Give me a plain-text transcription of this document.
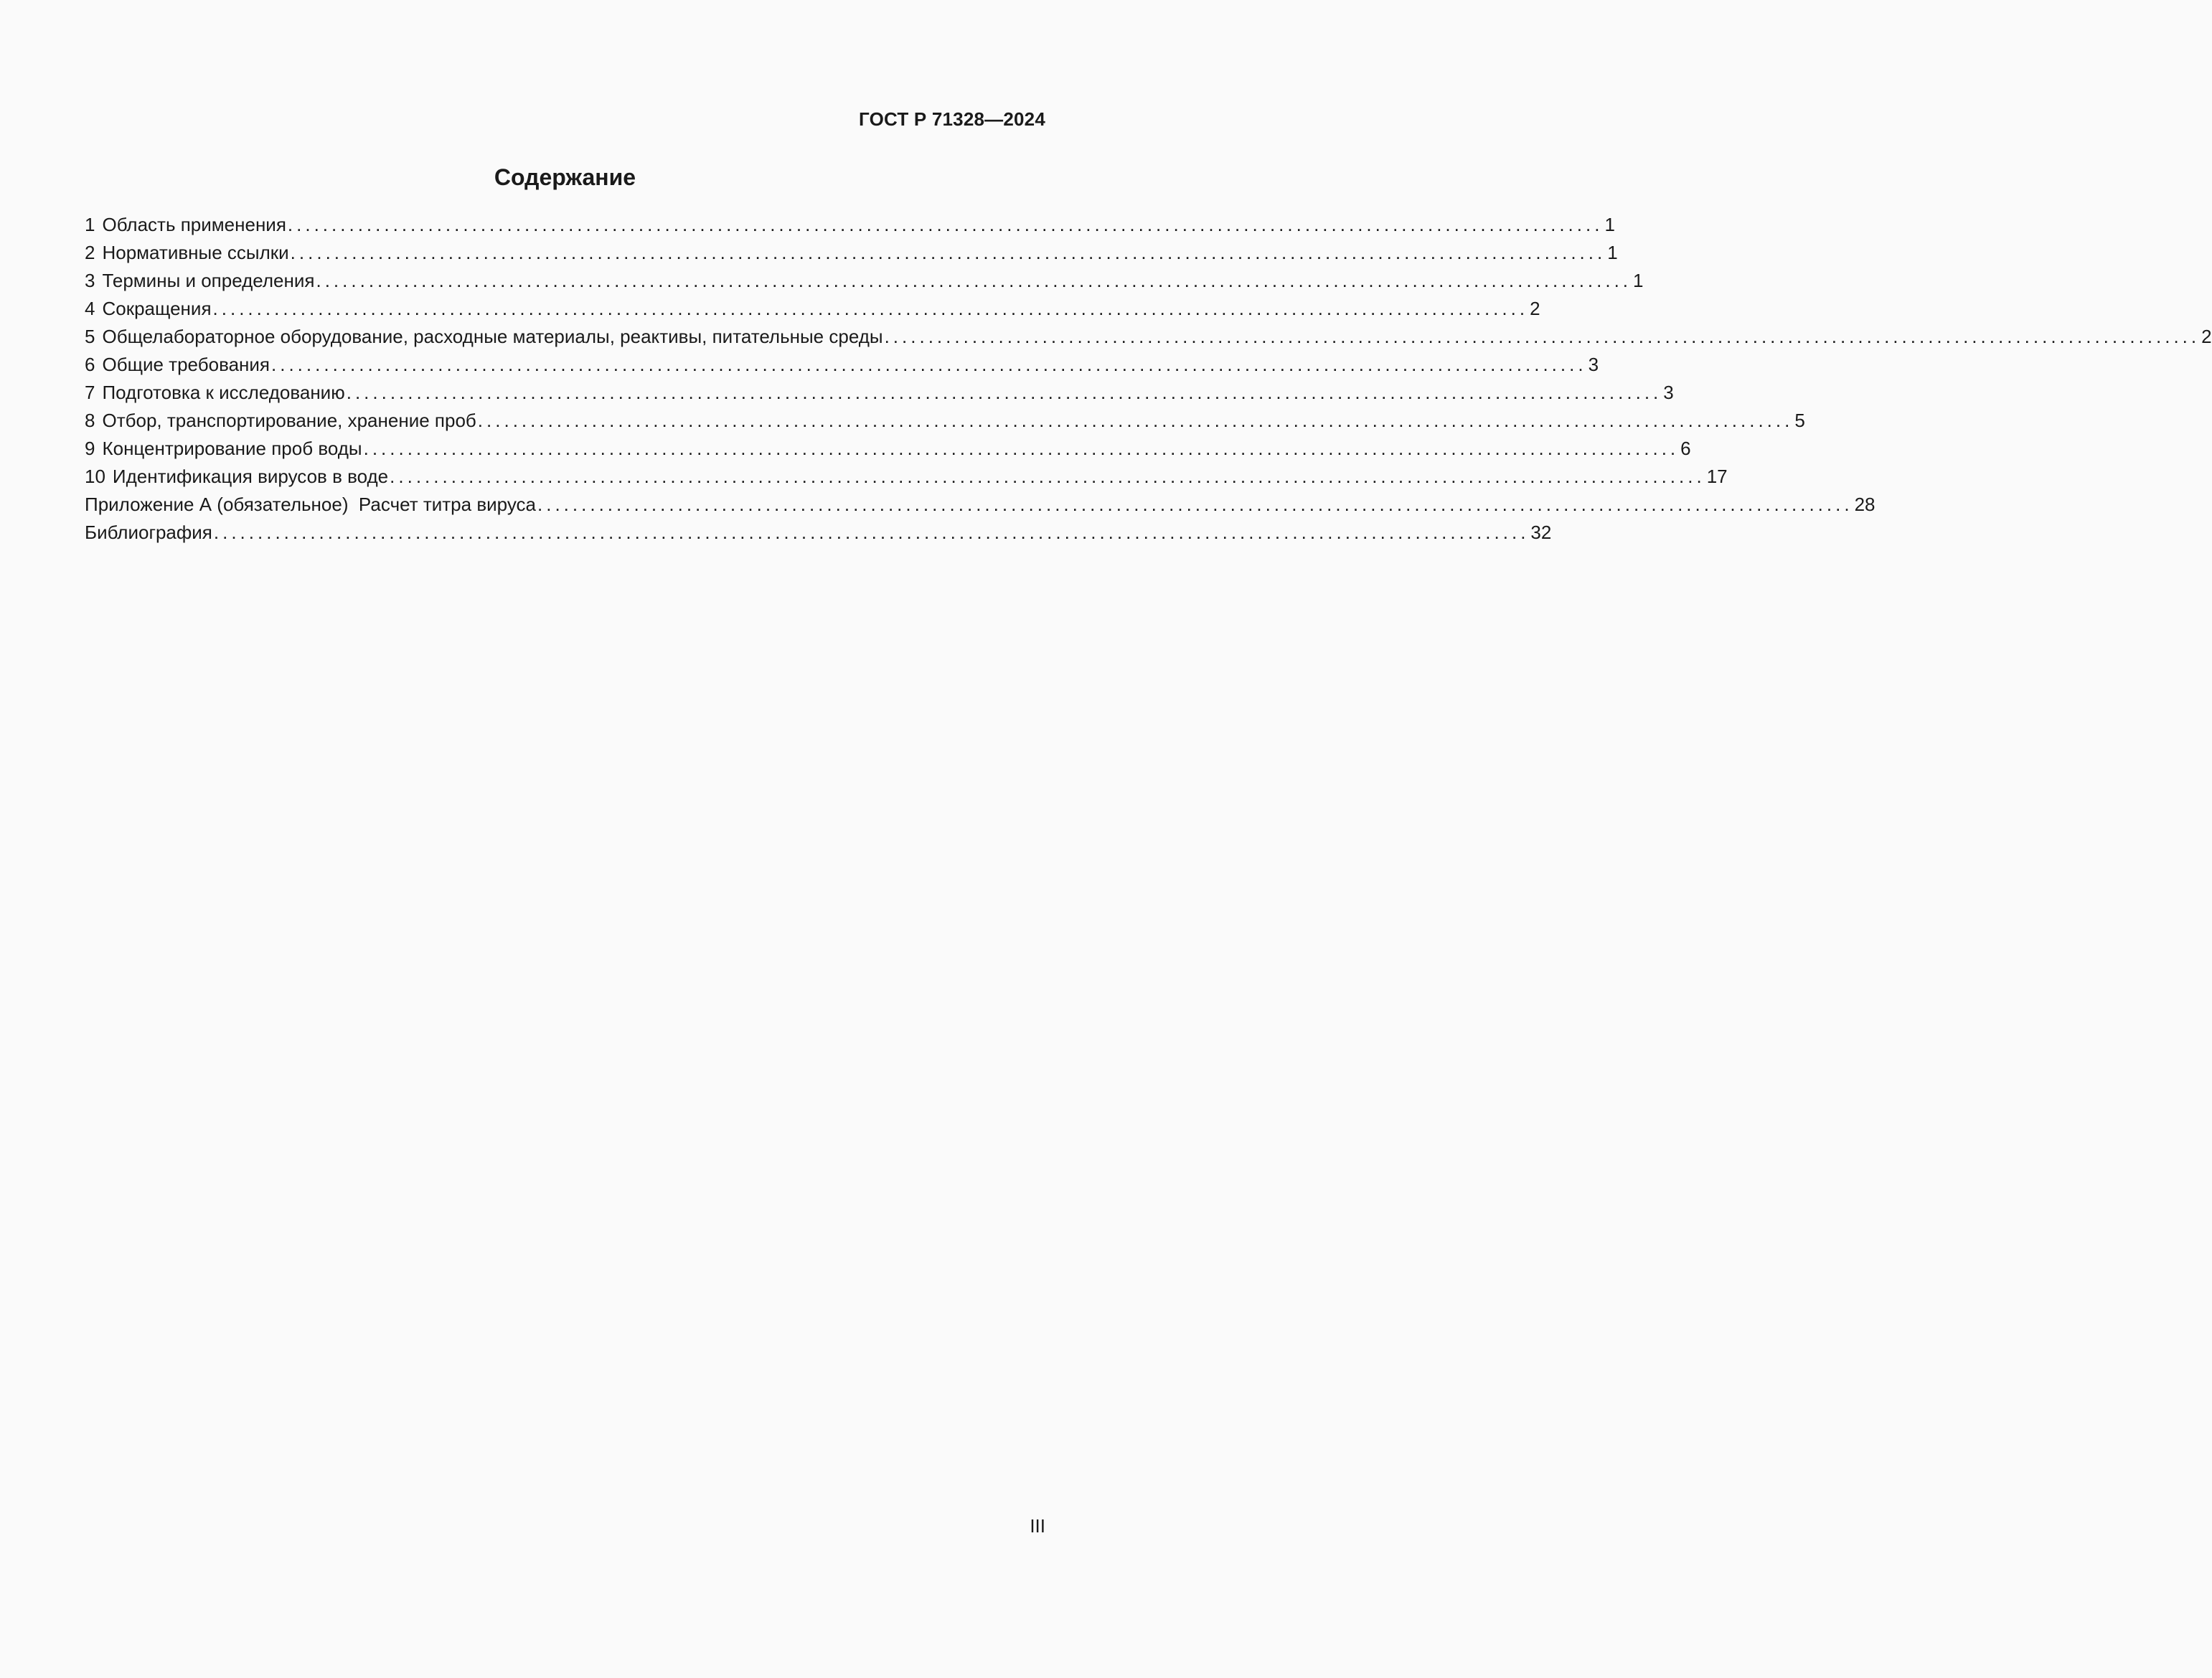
ГОСТ Р 71328—2024
Содержание
1 Область применения ...................................................................................................................................................... 1
2 Нормативные ссылки ...................................................................................................................................................... 1
3 Термины и определения ...................................................................................................................................................... 1
4 Сокращения ...................................................................................................................................................... 2
5 Общелабораторное оборудование, расходные материалы, реактивы, питательные среды ...................................................................................................................................................... 2
6 Общие требования ...................................................................................................................................................... 3
7 Подготовка к исследованию ...................................................................................................................................................... 3
8 Отбор, транспортирование, хранение проб ...................................................................................................................................................... 5
9 Концентрирование проб воды ...................................................................................................................................................... 6
10 Идентификация вирусов в воде ...................................................................................................................................................... 17
Приложение А (обязательное)  Расчет титра вируса ...................................................................................................................................................... 28
Библиография ...................................................................................................................................................... 32
III
